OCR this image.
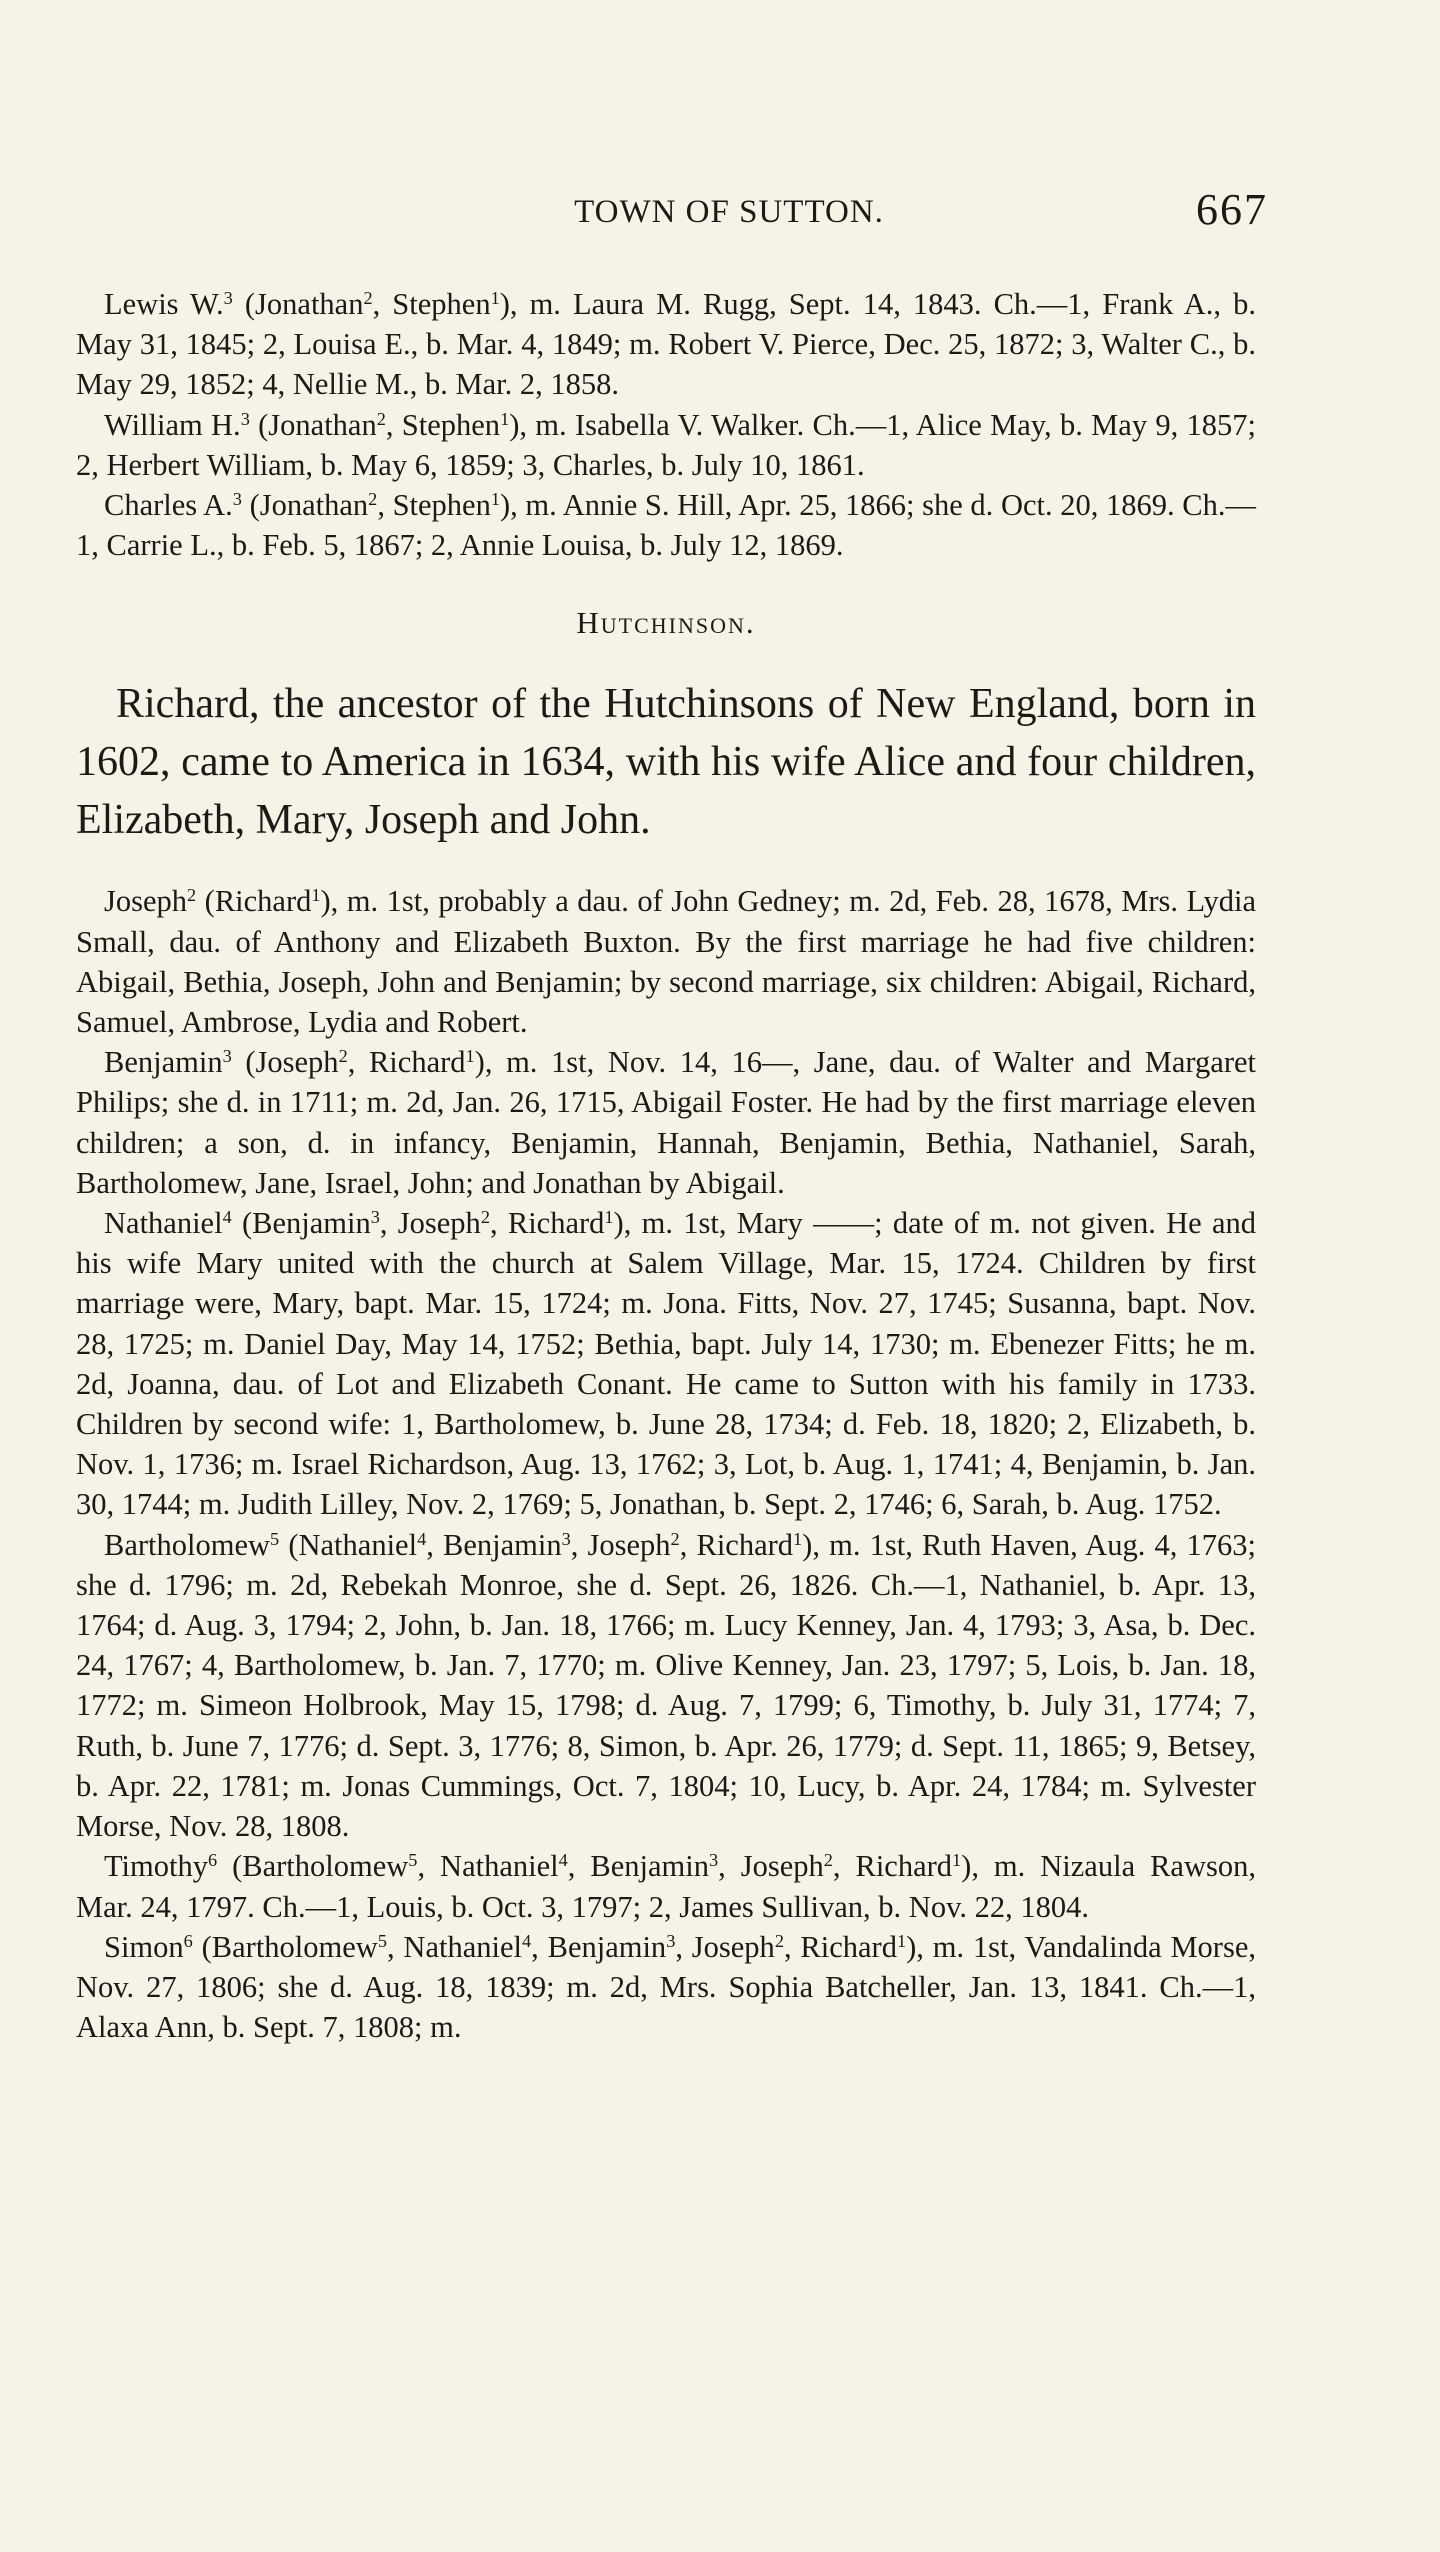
TOWN OF SUTTON.	667

Lewis W.$^3$ (Jonathan$^2$, Stephen$^1$), m. Laura M. Rugg, Sept. 14, 1843. Ch.—1, Frank A., b. May 31, 1845; 2, Louisa E., b. Mar. 4, 1849; m. Robert V. Pierce, Dec. 25, 1872; 3, Walter C., b. May 29, 1852; 4, Nellie M., b. Mar. 2, 1858.

William H.$^3$ (Jonathan$^2$, Stephen$^1$), m. Isabella V. Walker. Ch.—1, Alice May, b. May 9, 1857; 2, Herbert William, b. May 6, 1859; 3, Charles, b. July 10, 1861.

Charles A.$^3$ (Jonathan$^2$, Stephen$^1$), m. Annie S. Hill, Apr. 25, 1866; she d. Oct. 20, 1869. Ch.—1, Carrie L., b. Feb. 5, 1867; 2, Annie Louisa, b. July 12, 1869.

Hutchinson.

Richard, the ancestor of the Hutchinsons of New England, born in 1602, came to America in 1634, with his wife Alice and four children, Elizabeth, Mary, Joseph and John.

Joseph$^2$ (Richard$^1$), m. 1st, probably a dau. of John Gedney; m. 2d, Feb. 28, 1678, Mrs. Lydia Small, dau. of Anthony and Elizabeth Buxton. By the first marriage he had five children: Abigail, Bethia, Joseph, John and Benjamin; by second marriage, six children: Abigail, Richard, Samuel, Ambrose, Lydia and Robert.

Benjamin$^3$ (Joseph$^2$, Richard$^1$), m. 1st, Nov. 14, 16—, Jane, dau. of Walter and Margaret Philips; she d. in 1711; m. 2d, Jan. 26, 1715, Abigail Foster. He had by the first marriage eleven children; a son, d. in infancy, Benjamin, Hannah, Benjamin, Bethia, Nathaniel, Sarah, Bartholomew, Jane, Israel, John; and Jonathan by Abigail.

Nathaniel$^4$ (Benjamin$^3$, Joseph$^2$, Richard$^1$), m. 1st, Mary ——; date of m. not given. He and his wife Mary united with the church at Salem Village, Mar. 15, 1724. Children by first marriage were, Mary, bapt. Mar. 15, 1724; m. Jona. Fitts, Nov. 27, 1745; Susanna, bapt. Nov. 28, 1725; m. Daniel Day, May 14, 1752; Bethia, bapt. July 14, 1730; m. Ebenezer Fitts; he m. 2d, Joanna, dau. of Lot and Elizabeth Conant. He came to Sutton with his family in 1733. Children by second wife: 1, Bartholomew, b. June 28, 1734; d. Feb. 18, 1820; 2, Elizabeth, b. Nov. 1, 1736; m. Israel Richardson, Aug. 13, 1762; 3, Lot, b. Aug. 1, 1741; 4, Benjamin, b. Jan. 30, 1744; m. Judith Lilley, Nov. 2, 1769; 5, Jonathan, b. Sept. 2, 1746; 6, Sarah, b. Aug. 1752.

Bartholomew$^5$ (Nathaniel$^4$, Benjamin$^3$, Joseph$^2$, Richard$^1$), m. 1st, Ruth Haven, Aug. 4, 1763; she d. 1796; m. 2d, Rebekah Monroe, she d. Sept. 26, 1826. Ch.—1, Nathaniel, b. Apr. 13, 1764; d. Aug. 3, 1794; 2, John, b. Jan. 18, 1766; m. Lucy Kenney, Jan. 4, 1793; 3, Asa, b. Dec. 24, 1767; 4, Bartholomew, b. Jan. 7, 1770; m. Olive Kenney, Jan. 23, 1797; 5, Lois, b. Jan. 18, 1772; m. Simeon Holbrook, May 15, 1798; d. Aug. 7, 1799; 6, Timothy, b. July 31, 1774; 7, Ruth, b. June 7, 1776; d. Sept. 3, 1776; 8, Simon, b. Apr. 26, 1779; d. Sept. 11, 1865; 9, Betsey, b. Apr. 22, 1781; m. Jonas Cummings, Oct. 7, 1804; 10, Lucy, b. Apr. 24, 1784; m. Sylvester Morse, Nov. 28, 1808.

Timothy$^6$ (Bartholomew$^5$, Nathaniel$^4$, Benjamin$^3$, Joseph$^2$, Richard$^1$), m. Nizaula Rawson, Mar. 24, 1797. Ch.—1, Louis, b. Oct. 3, 1797; 2, James Sullivan, b. Nov. 22, 1804.

Simon$^6$ (Bartholomew$^5$, Nathaniel$^4$, Benjamin$^3$, Joseph$^2$, Richard$^1$), m. 1st, Vandalinda Morse, Nov. 27, 1806; she d. Aug. 18, 1839; m. 2d, Mrs. Sophia Batcheller, Jan. 13, 1841. Ch.—1, Alaxa Ann, b. Sept. 7, 1808; m.
